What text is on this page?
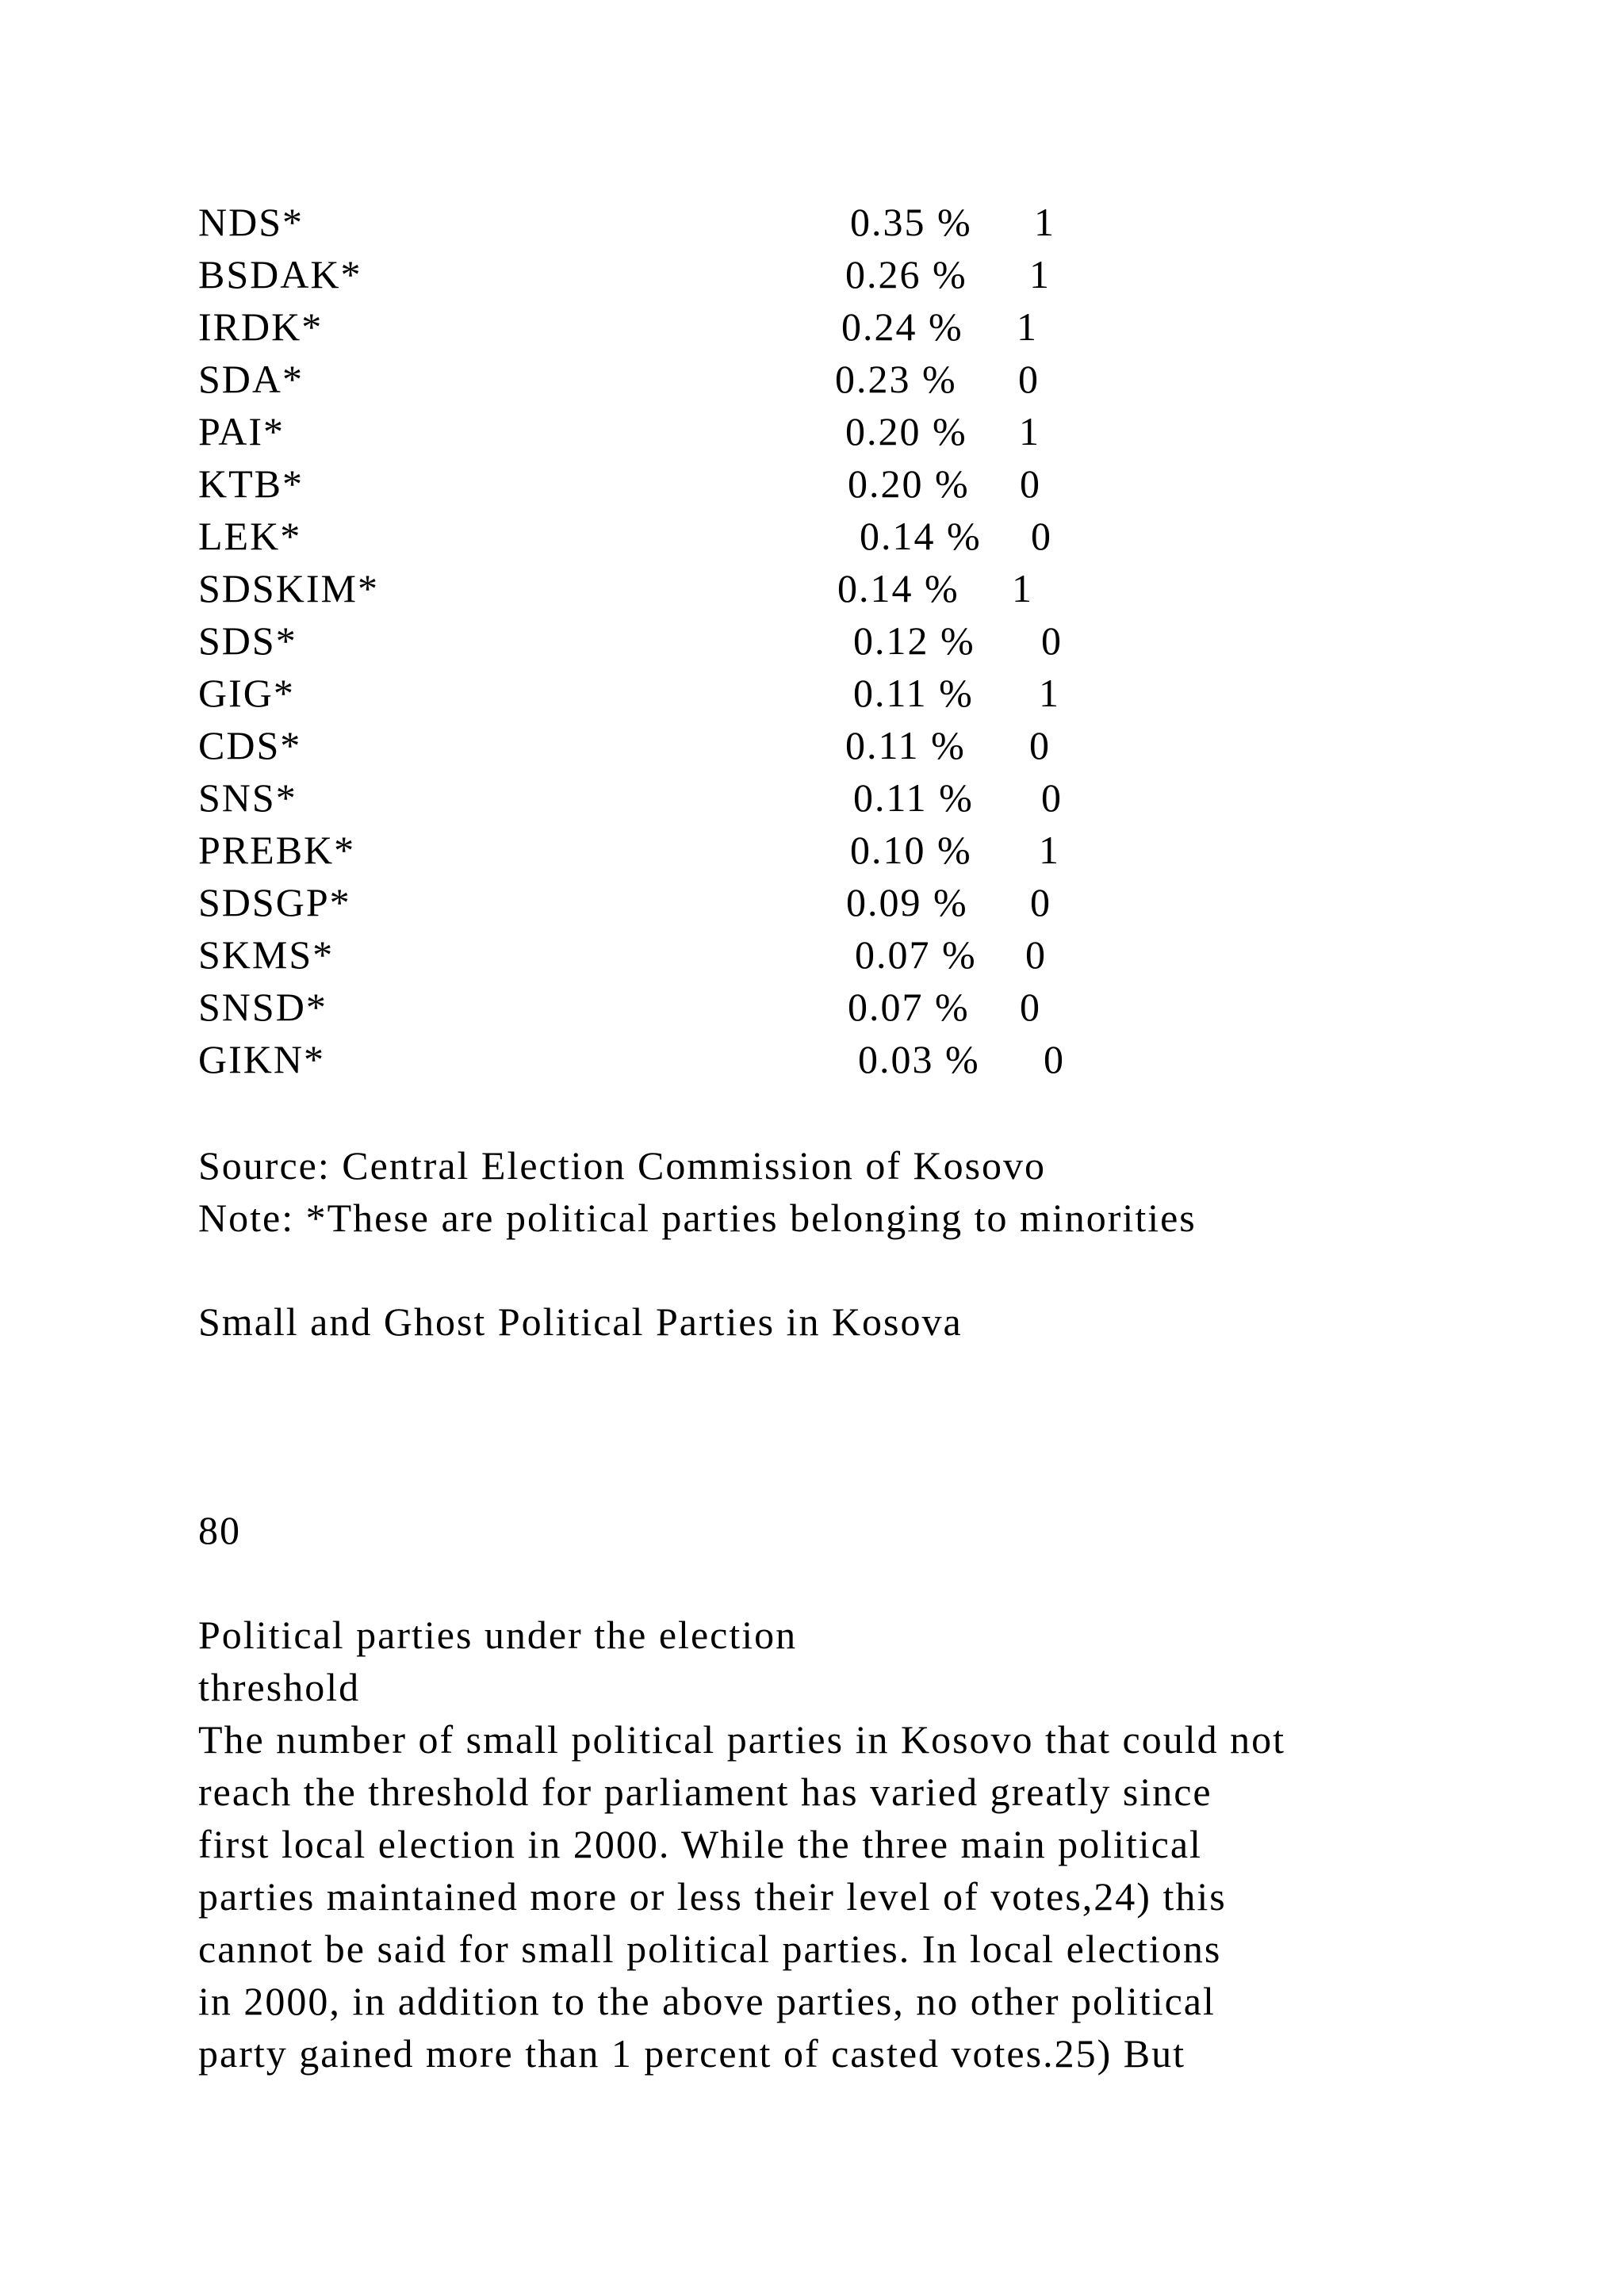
NDS*	0.35 % 1
BSDAK*	0.26 % 1
IRDK*	0.24 % 1
SDA*	0.23 % 0
PAI*	0.20 % 1
KTB*	0.20 % 0
LEK*	0.14 % 0
SDSKIM*	0.14 % 1
SDS*	0.12 % 0
GIG*	0.11 % 1
CDS*	0.11 % 0
SNS*	0.11 % 0
PREBK*	0.10 % 1
SDSGP*	0.09 % 0
SKMS*	0.07 % 0
SNSD*	0.07 % 0
GIKN*	0.03 % 0
Source: Central Election Commission of Kosovo
Note: *These are political parties belonging to minorities
Small and Ghost Political Parties in Kosova
80
Political parties under the election
threshold
The number of small political parties in Kosovo that could not
reach the threshold for parliament has varied greatly since
first local election in 2000. While the three main political
parties maintained more or less their level of votes,24) this
cannot be said for small political parties. In local elections
in 2000, in addition to the above parties, no other political
party gained more than 1 percent of casted votes.25) But
